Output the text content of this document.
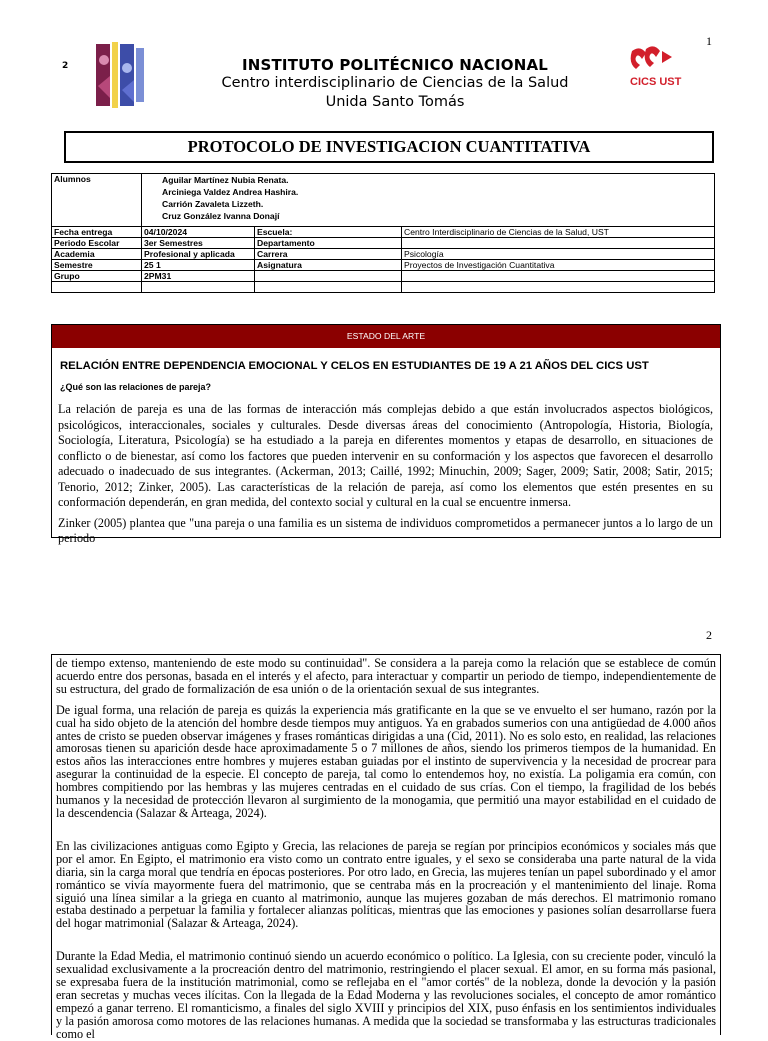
1
2	INSTITUTO POLITÉCNICO NACIONAL
Centro interdisciplinario de Ciencias de la Salud
Unida Santo Tomás
CICS UST
PROTOCOLO DE INVESTIGACION CUANTITATIVA
Alumnos	Aguilar Martínez Nubia Renata.
Arciniega Valdez Andrea Hashira.
Carrión Zavaleta Lizzeth.
Cruz González Ivanna Donají		

Fecha entrega	04/10/2024	Escuela:	Centro Interdisciplinario de Ciencias de la Salud, UST
Periodo Escolar	3er Semestres	Departamento	
Academia	Profesional y aplicada	Carrera	Psicología
Semestre	25 1	Asignatura	Proyectos de Investigación Cuantitativa
Grupo	2PM31		

ESTADO DEL ARTE
RELACIÓN ENTRE DEPENDENCIA EMOCIONAL Y CELOS EN ESTUDIANTES DE 19 A 21 AÑOS DEL CICS UST
¿Qué son las relaciones de pareja?

La relación de pareja es una de las formas de interacción más complejas debido a que están involucrados aspectos biológicos, psicológicos, interaccionales, sociales y culturales. Desde diversas áreas del conocimiento (Antropología, Historia, Biología, Sociología, Literatura, Psicología) se ha estudiado a la pareja en diferentes momentos y etapas de desarrollo, en situaciones de conflicto o de bienestar, así como los factores que pueden intervenir en su conformación y los aspectos que favorecen el desarrollo adecuado o inadecuado de sus integrantes. (Ackerman, 2013; Caillé, 1992; Minuchin, 2009; Sager, 2009; Satir, 2008; Satir, 2015; Tenorio, 2012; Zinker, 2005). Las características de la relación de pareja, así como los elementos que estén presentes en su conformación dependerán, en gran medida, del contexto social y cultural en la cual se encuentre inmersa.

Zinker (2005) plantea que "una pareja o una familia es un sistema de individuos comprometidos a permanecer juntos a lo largo de un periodo

2

de tiempo extenso, manteniendo de este modo su continuidad". Se considera a la pareja como la relación que se establece de común acuerdo entre dos personas, basada en el interés y el afecto, para interactuar y compartir un periodo de tiempo, independientemente de su estructura, del grado de formalización de esa unión o de la orientación sexual de sus integrantes.

De igual forma, una relación de pareja es quizás la experiencia más gratificante en la que se ve envuelto el ser humano, razón por la cual ha sido objeto de la atención del hombre desde tiempos muy antiguos. Ya en grabados sumerios con una antigüedad de 4.000 años antes de cristo se pueden observar imágenes y frases románticas dirigidas a una (Cid, 2011). No es solo esto, en realidad, las relaciones amorosas tienen su aparición desde hace aproximadamente 5 o 7 millones de años, siendo los primeros tiempos de la humanidad. En estos años las interacciones entre hombres y mujeres estaban guiadas por el instinto de supervivencia y la necesidad de procrear para asegurar la continuidad de la especie. El concepto de pareja, tal como lo entendemos hoy, no existía. La poligamia era común, con hombres compitiendo por las hembras y las mujeres centradas en el cuidado de sus crías. Con el tiempo, la fragilidad de los bebés humanos y la necesidad de protección llevaron al surgimiento de la monogamia, que permitió una mayor estabilidad en el cuidado de la descendencia (Salazar & Arteaga, 2024).

En las civilizaciones antiguas como Egipto y Grecia, las relaciones de pareja se regían por principios económicos y sociales más que por el amor. En Egipto, el matrimonio era visto como un contrato entre iguales, y el sexo se consideraba una parte natural de la vida diaria, sin la carga moral que tendría en épocas posteriores. Por otro lado, en Grecia, las mujeres tenían un papel subordinado y el amor romántico se vivía mayormente fuera del matrimonio, que se centraba más en la procreación y el mantenimiento del linaje. Roma siguió una línea similar a la griega en cuanto al matrimonio, aunque las mujeres gozaban de más derechos. El matrimonio romano estaba destinado a perpetuar la familia y fortalecer alianzas políticas, mientras que las emociones y pasiones solían desarrollarse fuera del hogar matrimonial (Salazar & Arteaga, 2024).

Durante la Edad Media, el matrimonio continuó siendo un acuerdo económico o político. La Iglesia, con su creciente poder, vinculó la sexualidad exclusivamente a la procreación dentro del matrimonio, restringiendo el placer sexual. El amor, en su forma más pasional, se expresaba fuera de la institución matrimonial, como se reflejaba en el "amor cortés" de la nobleza, donde la devoción y la pasión eran secretas y muchas veces ilícitas. Con la llegada de la Edad Moderna y las revoluciones sociales, el concepto de amor romántico empezó a ganar terreno. El romanticismo, a finales del siglo XVIII y principios del XIX, puso énfasis en los sentimientos individuales y la pasión amorosa como motores de las relaciones humanas. A medida que la sociedad se transformaba y las estructuras tradicionales como el
